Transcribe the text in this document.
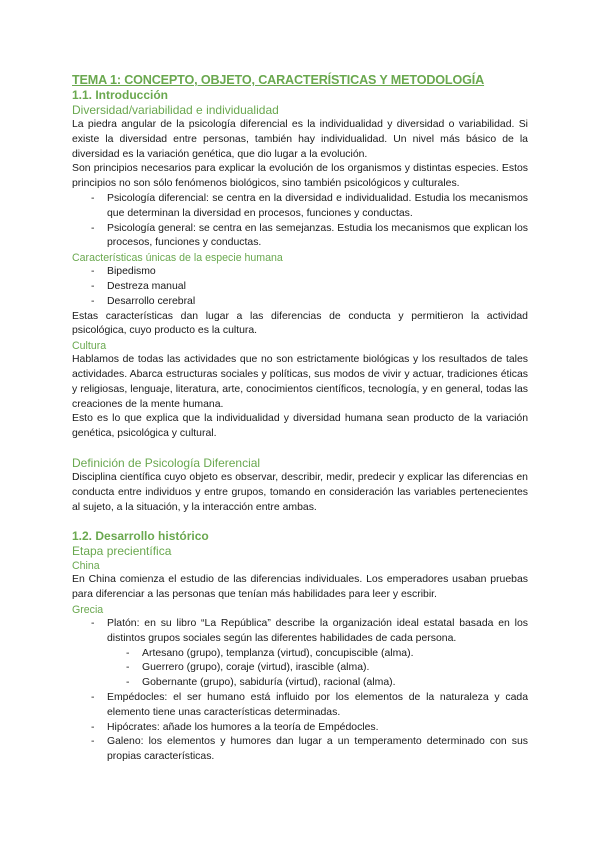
TEMA 1: CONCEPTO, OBJETO, CARACTERÍSTICAS Y METODOLOGÍA
1.1. Introducción
Diversidad/variabilidad e individualidad

La piedra angular de la psicología diferencial es la individualidad y diversidad o variabilidad. Si existe la diversidad entre personas, también hay individualidad. Un nivel más básico de la diversidad es la variación genética, que dio lugar a la evolución.

Son principios necesarios para explicar la evolución de los organismos y distintas especies. Estos principios no son sólo fenómenos biológicos, sino también psicológicos y culturales.

- Psicología diferencial: se centra en la diversidad e individualidad. Estudia los mecanismos que determinan la diversidad en procesos, funciones y conductas.
- Psicología general: se centra en las semejanzas. Estudia los mecanismos que explican los procesos, funciones y conductas.
Características únicas de la especie humana
- Bipedismo
- Destreza manual
- Desarrollo cerebral

Estas características dan lugar a las diferencias de conducta y permitieron la actividad psicológica, cuyo producto es la cultura.

Cultura

Hablamos de todas las actividades que no son estrictamente biológicas y los resultados de tales actividades. Abarca estructuras sociales y políticas, sus modos de vivir y actuar, tradiciones éticas y religiosas, lenguaje, literatura, arte, conocimientos científicos, tecnología, y en general, todas las creaciones de la mente humana.

Esto es lo que explica que la individualidad y diversidad humana sean producto de la variación genética, psicológica y cultural.

Definición de Psicología Diferencial

Disciplina científica cuyo objeto es observar, describir, medir, predecir y explicar las diferencias en conducta entre individuos y entre grupos, tomando en consideración las variables pertenecientes al sujeto, a la situación, y la interacción entre ambas.

1.2. Desarrollo histórico
Etapa precientífica
China

En China comienza el estudio de las diferencias individuales. Los emperadores usaban pruebas para diferenciar a las personas que tenían más habilidades para leer y escribir.

Grecia
- Platón: en su libro “La República” describe la organización ideal estatal basada en los distintos grupos sociales según las diferentes habilidades de cada persona.
- Artesano (grupo), templanza (virtud), concupiscible (alma).
- Guerrero (grupo), coraje (virtud), irascible (alma).
- Gobernante (grupo), sabiduría (virtud), racional (alma).
- Empédocles: el ser humano está influido por los elementos de la naturaleza y cada elemento tiene unas características determinadas.
- Hipócrates: añade los humores a la teoría de Empédocles.
- Galeno: los elementos y humores dan lugar a un temperamento determinado con sus propias características.
